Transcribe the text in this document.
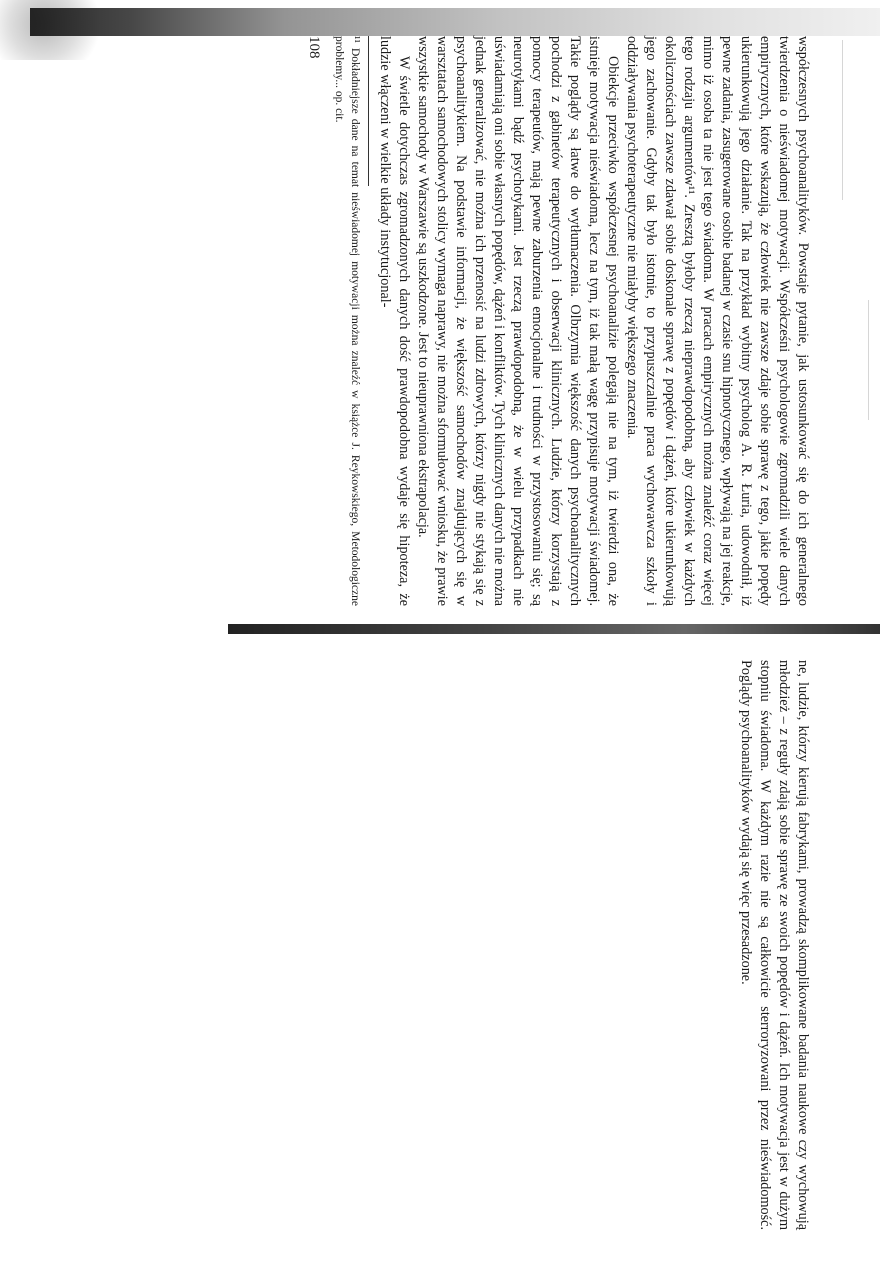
współczesnych psychoanalityków. Powstaje pytanie, jak ustosunkować się do ich generalnego twierdzenia o nieświadomej motywacji. Współcześni psychologowie zgromadzili wiele danych empirycznych, które wskazują, że człowiek nie zawsze zdaje sobie sprawę z tego, jakie popędy ukierunkowują jego działanie. Tak na przykład wybitny psycholog A. R. Łuria, udowodnił, iż pewne zadania, zasugerowane osobie badanej w czasie snu hipnotycznego, wpływają na jej reakcje, mimo iż osoba ta nie jest tego świadoma. W pracach empirycznych można znaleźć coraz więcej tego rodzaju argumentów¹¹. Zresztą byłoby rzeczą nieprawdopodobną, aby człowiek w każdych okolicznościach zawsze zdawał sobie doskonale sprawę z popędów i dążeń, które ukierunkowują jego zachowanie. Gdyby tak było istotnie, to przypuszczalnie praca wychowawcza szkoły i oddziaływania psychoterapeutyczne nie miałyby większego znaczenia.

Obiekcje przeciwko współczesnej psychoanalizie polegają nie na tym, iż twierdzi ona, że istnieje motywacja nieświadoma, lecz na tym, iż tak małą wagę przypisuje motywacji świadomej. Takie poglądy są łatwe do wytłumaczenia. Olbrzymia większość danych psychoanalitycznych pochodzi z gabinetów terapeutycznych i obserwacji klinicznych. Ludzie, którzy korzystają z pomocy terapeutów, mają pewne zaburzenia emocjonalne i trudności w przystosowaniu się; są neurotykami bądź psychotykami. Jest rzeczą prawdopodobną, że w wielu przypadkach nie uświadamiają oni sobie własnych popędów, dążeń i konfliktów. Tych klinicznych danych nie można jednak generalizować, nie można ich przenosić na ludzi zdrowych, którzy nigdy nie stykają się z psychoanalitykiem. Na podstawie informacji, że większość samochodów znajdujących się w warsztatach samochodowych stolicy wymaga naprawy, nie można sformułować wniosku, że prawie wszystkie samochody w Warszawie są uszkodzone. Jest to nieuprawniona ekstrapolacja.

W świetle dotychczas zgromadzonych danych dość prawdopodobna wydaje się hipoteza, że ludzie włączeni w wielkie układy instytucjonal-

¹¹ Dokładniejsze dane na temat nieświadomej motywacji można znaleźć w książce J. Reykowskiego, Metodologiczne problemy... op. cit.

108

ne, ludzie, którzy kierują fabrykami, prowadzą skomplikowane badania naukowe czy wychowują młodzież – z reguły zdają sobie sprawę ze swoich popędów i dążeń. Ich motywacja jest w dużym stopniu świadoma. W każdym razie nie są całkowicie sterroryzowani przez nieświadomość. Poglądy psychoanalityków wydają się więc przesadzone.
